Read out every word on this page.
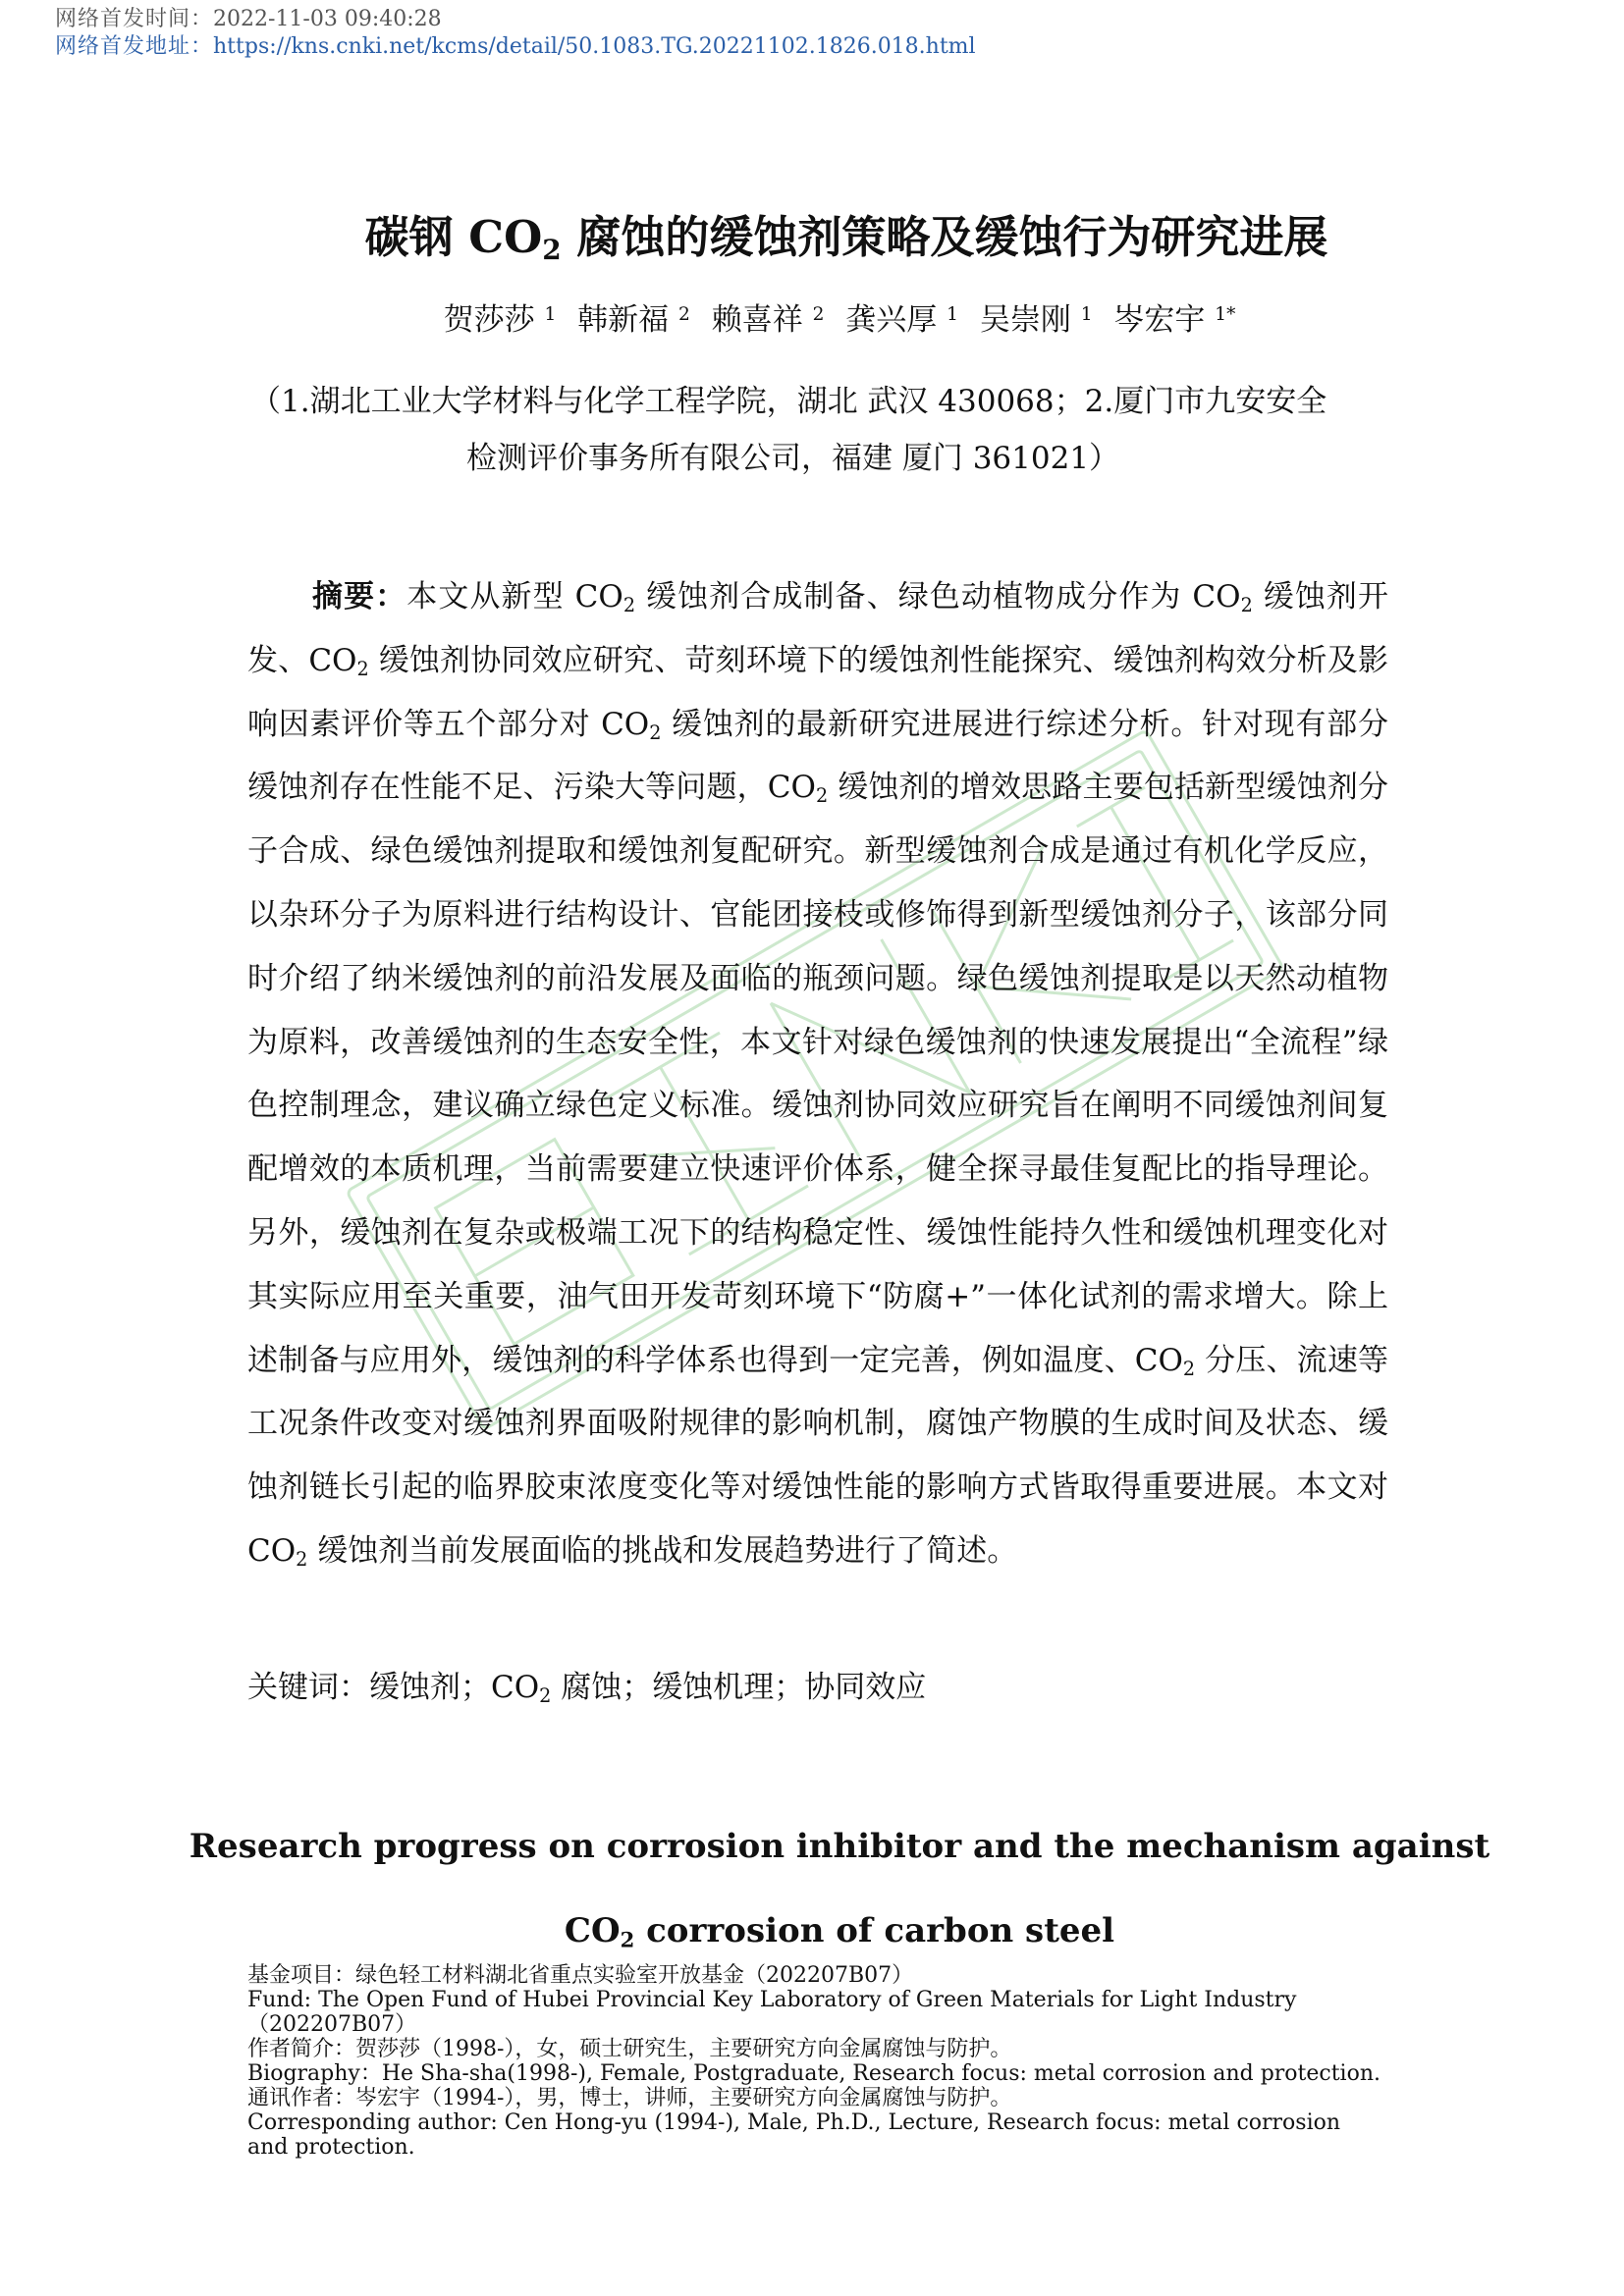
网络首发时间：2022-11-03 09:40:28
网络首发地址：https://kns.cnki.net/kcms/detail/50.1083.TG.20221102.1826.018.html
碳钢 $CO_2$ 腐蚀的缓蚀剂策略及缓蚀行为研究进展
贺莎莎 $^1$ 韩新福 $^2$ 赖喜祥 $^2$ 龚兴厚 $^1$ 吴崇刚 $^1$ 岑宏宇 $^{1*}$
（1.湖北工业大学材料与化学工程学院，湖北 武汉 430068；2.厦门市九安安全
检测评价事务所有限公司，福建 厦门 361021）

摘要：本文从新型 $CO_2$ 缓蚀剂合成制备、绿色动植物成分作为 $CO_2$ 缓蚀剂开发、$CO_2$ 缓蚀剂协同效应研究、苛刻环境下的缓蚀剂性能探究、缓蚀剂构效分析及影响因素评价等五个部分对 $CO_2$ 缓蚀剂的最新研究进展进行综述分析。针对现有部分缓蚀剂存在性能不足、污染大等问题，$CO_2$ 缓蚀剂的增效思路主要包括新型缓蚀剂分子合成、绿色缓蚀剂提取和缓蚀剂复配研究。新型缓蚀剂合成是通过有机化学反应，以杂环分子为原料进行结构设计、官能团接枝或修饰得到新型缓蚀剂分子，该部分同时介绍了纳米缓蚀剂的前沿发展及面临的瓶颈问题。绿色缓蚀剂提取是以天然动植物为原料，改善缓蚀剂的生态安全性，本文针对绿色缓蚀剂的快速发展提出“全流程”绿色控制理念，建议确立绿色定义标准。缓蚀剂协同效应研究旨在阐明不同缓蚀剂间复配增效的本质机理，当前需要建立快速评价体系，健全探寻最佳复配比的指导理论。另外，缓蚀剂在复杂或极端工况下的结构稳定性、缓蚀性能持久性和缓蚀机理变化对其实际应用至关重要，油气田开发苛刻环境下“防腐+”一体化试剂的需求增大。除上述制备与应用外，缓蚀剂的科学体系也得到一定完善，例如温度、$CO_2$ 分压、流速等工况条件改变对缓蚀剂界面吸附规律的影响机制，腐蚀产物膜的生成时间及状态、缓蚀剂链长引起的临界胶束浓度变化等对缓蚀性能的影响方式皆取得重要进展。本文对 $CO_2$ 缓蚀剂当前发展面临的挑战和发展趋势进行了简述。

关键词：缓蚀剂；$CO_2$ 腐蚀；缓蚀机理；协同效应
Research progress on corrosion inhibitor and the mechanism against
$CO_2$ corrosion of carbon steel

基金项目：绿色轻工材料湖北省重点实验室开放基金（202207B07）

Fund: The Open Fund of Hubei Provincial Key Laboratory of Green Materials for Light Industry（202207B07）

作者简介：贺莎莎（1998-），女，硕士研究生，主要研究方向金属腐蚀与防护。

Biography：He Sha-sha(1998-), Female, Postgraduate, Research focus: metal corrosion and protection.

通讯作者：岑宏宇（1994-），男，博士，讲师，主要研究方向金属腐蚀与防护。

Corresponding author: Cen Hong-yu (1994-), Male, Ph.D., Lecture, Research focus: metal corrosion and protection.
